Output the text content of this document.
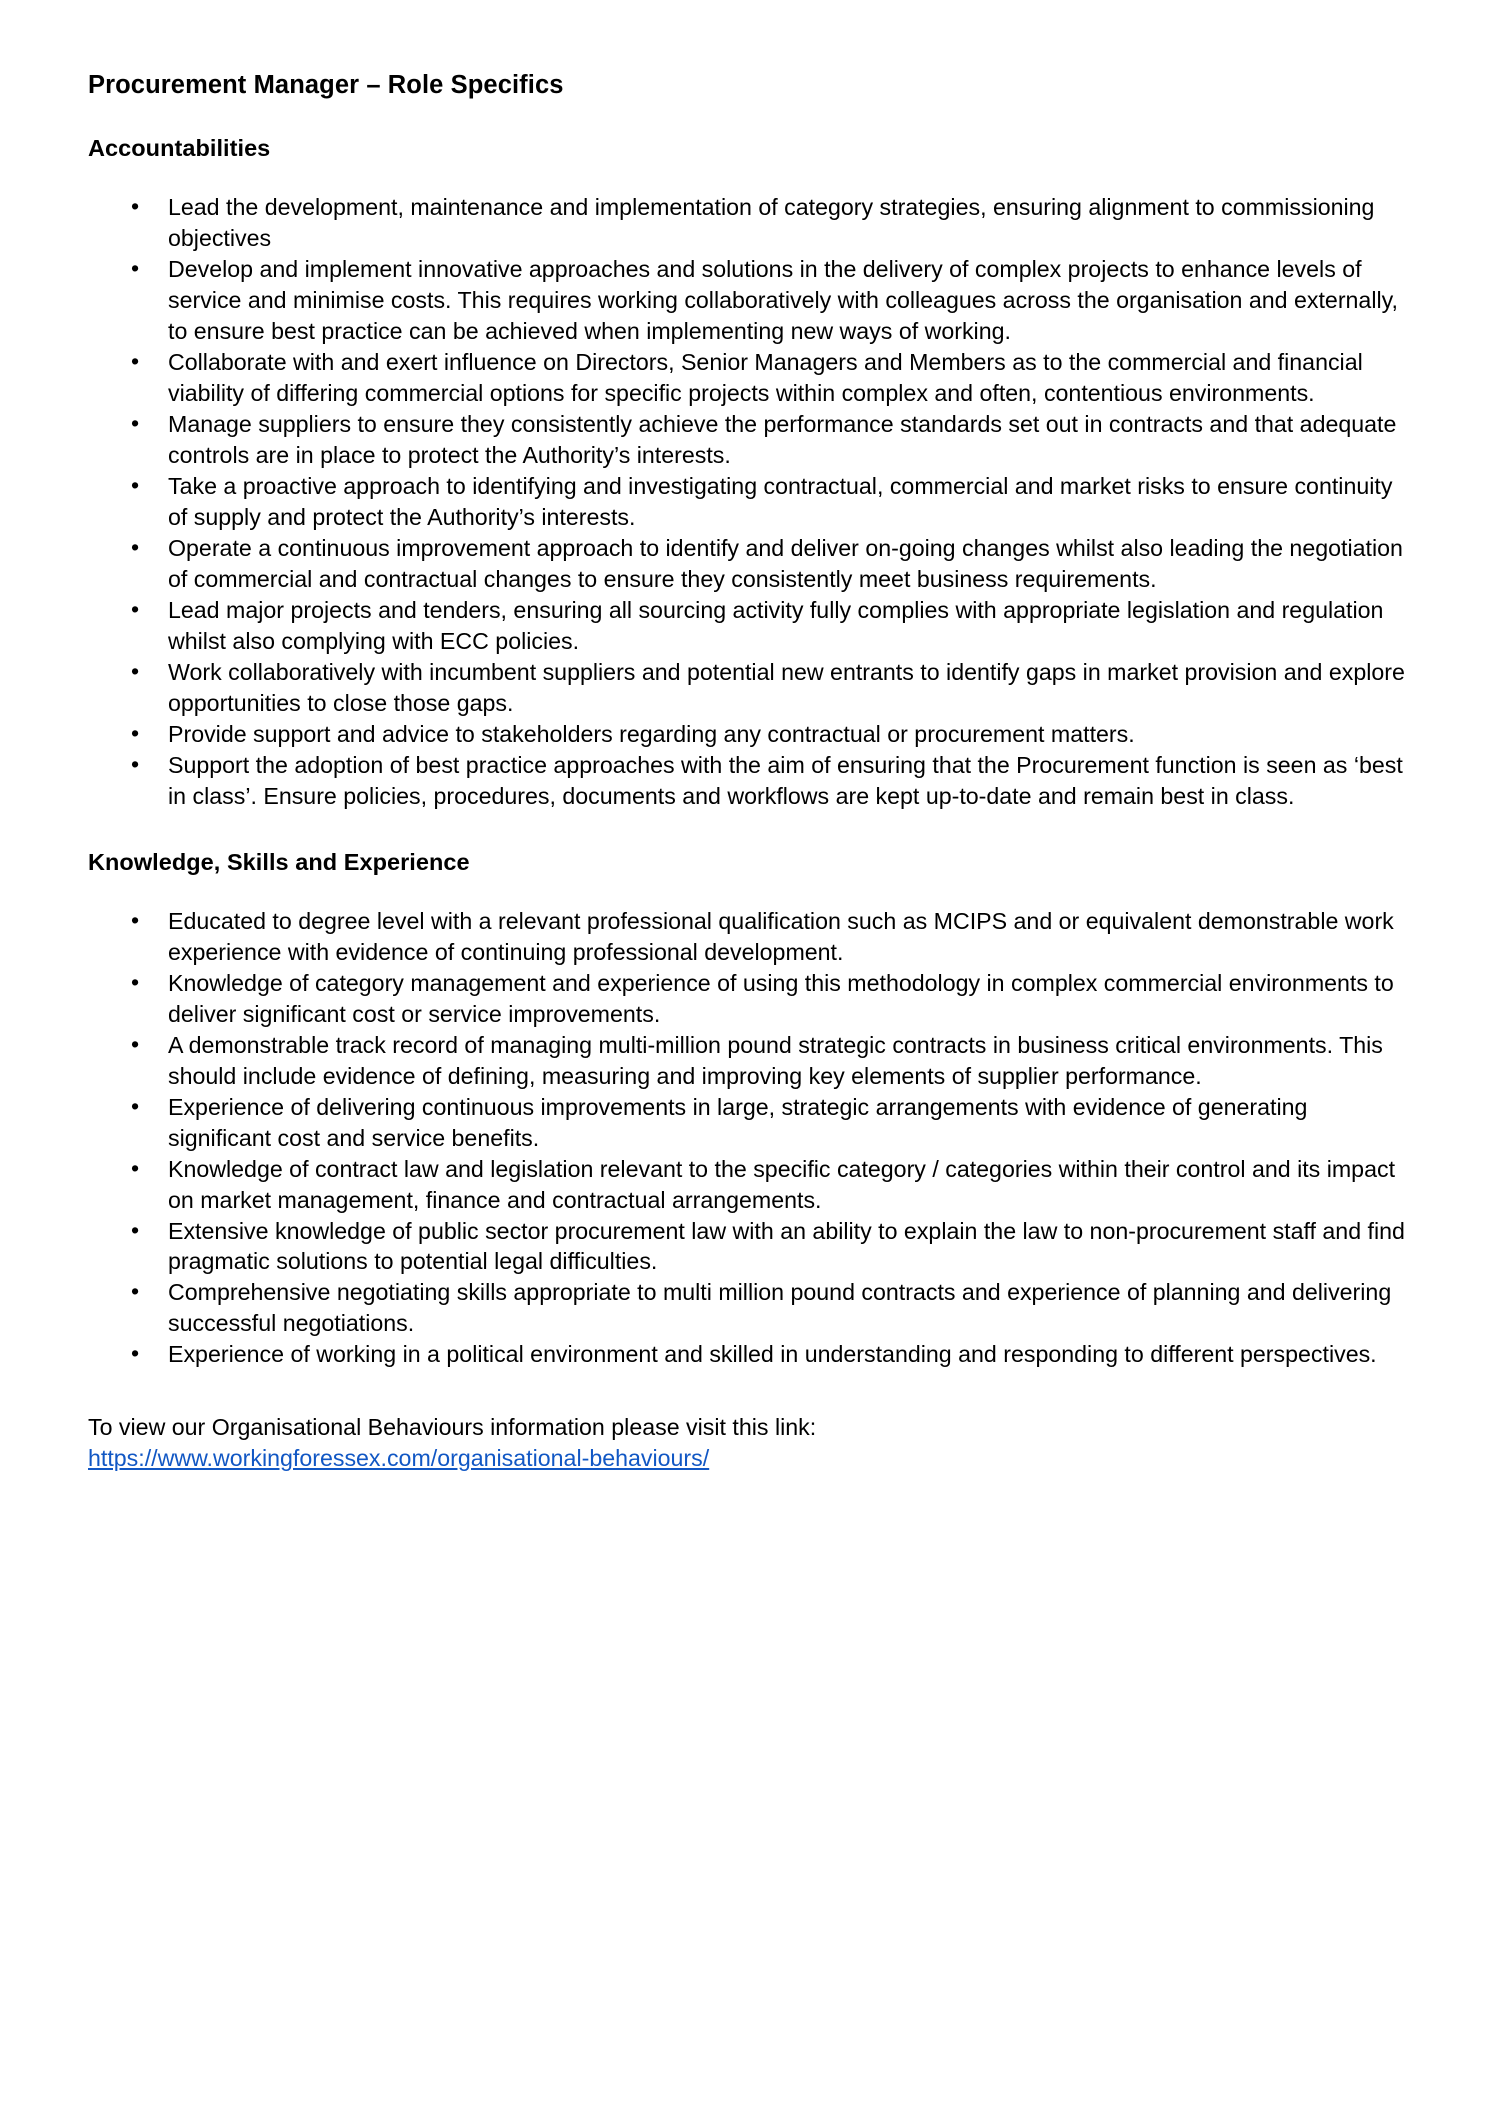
Procurement Manager – Role Specifics
Accountabilities
• Lead the development, maintenance and implementation of category strategies, ensuring alignment to commissioning objectives
• Develop and implement innovative approaches and solutions in the delivery of complex projects to enhance levels of service and minimise costs. This requires working collaboratively with colleagues across the organisation and externally, to ensure best practice can be achieved when implementing new ways of working.
• Collaborate with and exert influence on Directors, Senior Managers and Members as to the commercial and financial viability of differing commercial options for specific projects within complex and often, contentious environments.
• Manage suppliers to ensure they consistently achieve the performance standards set out in contracts and that adequate controls are in place to protect the Authority’s interests.
• Take a proactive approach to identifying and investigating contractual, commercial and market risks to ensure continuity of supply and protect the Authority’s interests.
• Operate a continuous improvement approach to identify and deliver on-going changes whilst also leading the negotiation of commercial and contractual changes to ensure they consistently meet business requirements.
• Lead major projects and tenders, ensuring all sourcing activity fully complies with appropriate legislation and regulation whilst also complying with ECC policies.
• Work collaboratively with incumbent suppliers and potential new entrants to identify gaps in market provision and explore opportunities to close those gaps.
• Provide support and advice to stakeholders regarding any contractual or procurement matters.
• Support the adoption of best practice approaches with the aim of ensuring that the Procurement function is seen as ‘best in class’. Ensure policies, procedures, documents and workflows are kept up-to-date and remain best in class.
Knowledge, Skills and Experience
• Educated to degree level with a relevant professional qualification such as MCIPS and or equivalent demonstrable work experience with evidence of continuing professional development.
• Knowledge of category management and experience of using this methodology in complex commercial environments to deliver significant cost or service improvements.
• A demonstrable track record of managing multi-million pound strategic contracts in business critical environments. This should include evidence of defining, measuring and improving key elements of supplier performance.
• Experience of delivering continuous improvements in large, strategic arrangements with evidence of generating significant cost and service benefits.
• Knowledge of contract law and legislation relevant to the specific category / categories within their control and its impact on market management, finance and contractual arrangements.
• Extensive knowledge of public sector procurement law with an ability to explain the law to non-procurement staff and find pragmatic solutions to potential legal difficulties.
• Comprehensive negotiating skills appropriate to multi million pound contracts and experience of planning and delivering successful negotiations.
• Experience of working in a political environment and skilled in understanding and responding to different perspectives.

To view our Organisational Behaviours information please visit this link:

https://www.workingforessex.com/organisational-behaviours/
